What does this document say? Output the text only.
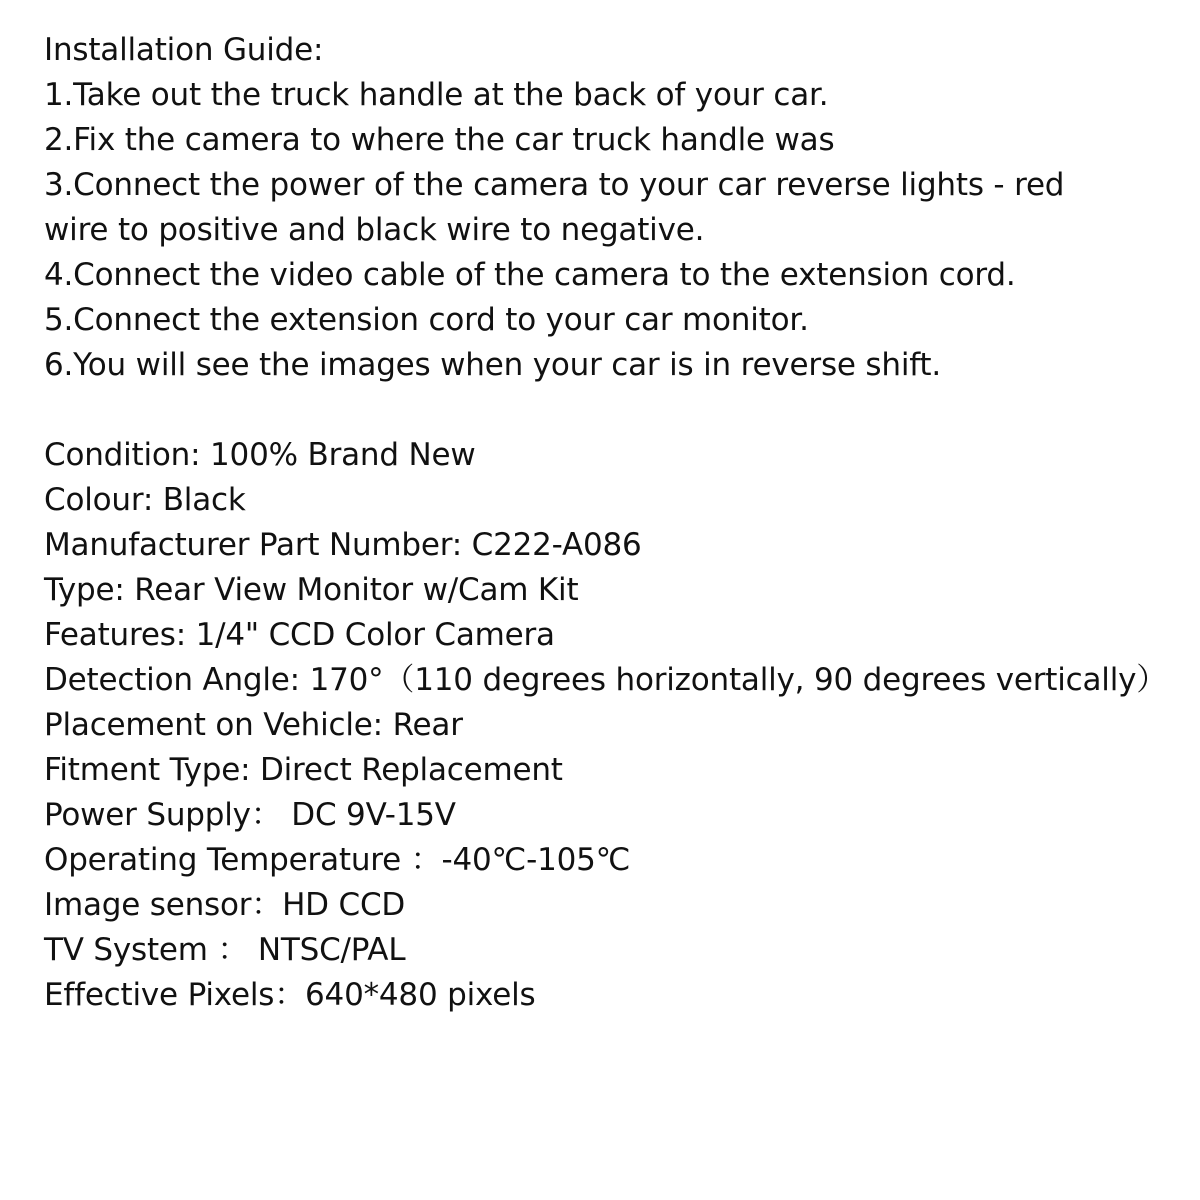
Installation Guide:
1.Take out the truck handle at the back of your car.
2.Fix the camera to where the car truck handle was
3.Connect the power of the camera to your car reverse lights - red
wire to positive and black wire to negative.
4.Connect the video cable of the camera to the extension cord.
5.Connect the extension cord to your car monitor.
6.You will see the images when your car is in reverse shift.
Condition: 100% Brand New
Colour: Black
Manufacturer Part Number: C222-A086
Type: Rear View Monitor w/Cam Kit
Features: 1/4" CCD Color Camera
Detection Angle: 170°（110 degrees horizontally, 90 degrees vertically）
Placement on Vehicle: Rear
Fitment Type: Direct Replacement
Power Supply： DC 9V-15V
Operating Temperature ：-40℃-105℃
Image sensor：HD CCD
TV System ： NTSC/PAL
Effective Pixels：640*480 pixels
